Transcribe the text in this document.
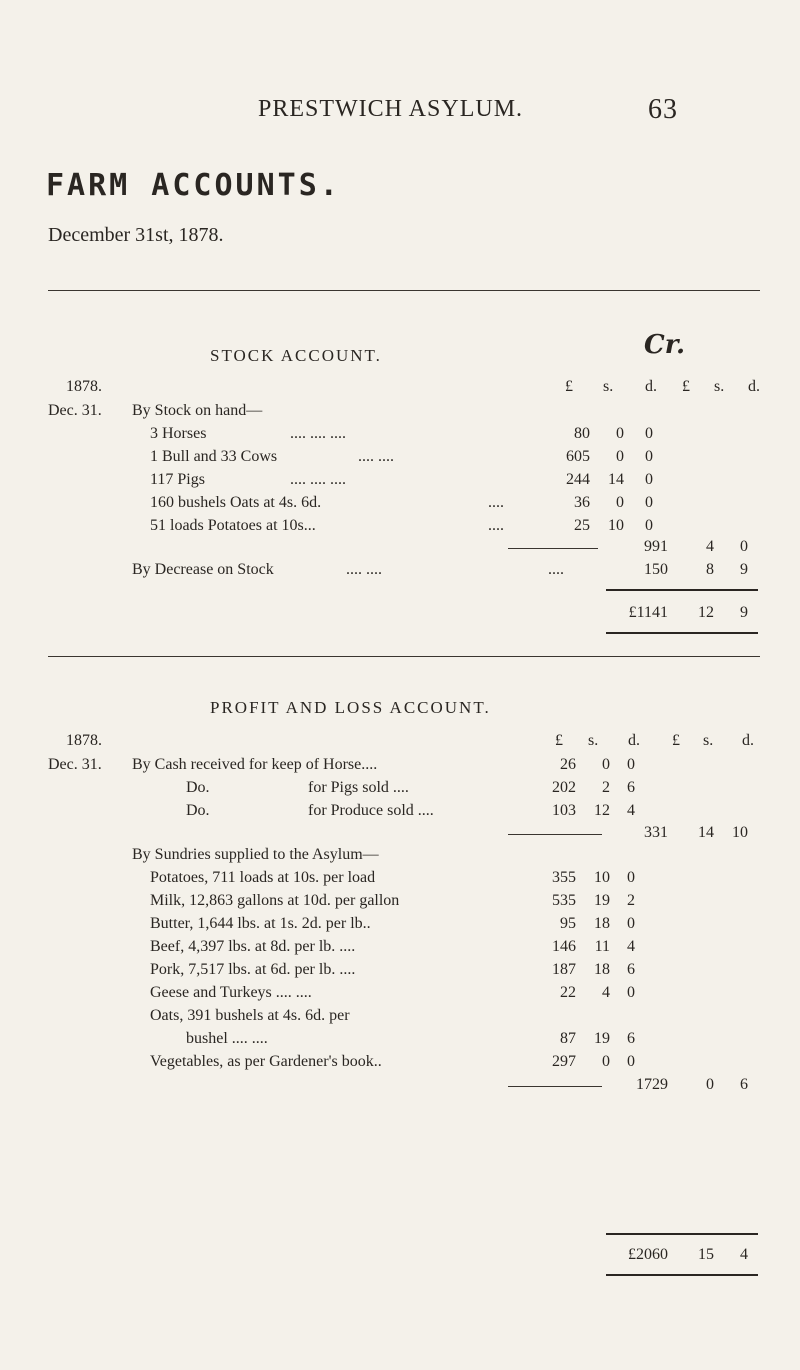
PRESTWICH ASYLUM.	63
FARM ACCOUNTS.
December 31st, 1878.
STOCK ACCOUNT.	Cr.
1878.
Dec. 31.
£ s. d. £ s. d.
By Stock on hand—
3 Horses	.... .... ....	80 0 0
1 Bull and 33 Cows	.... ....	605 0 0
117 Pigs	.... .... ....	244 14 0
160 bushels Oats at 4s. 6d.	....	36 0 0
51 loads Potatoes at 10s...	....	25 10 0
991 4 0
By Decrease on Stock	.... ....	....	150 8 9
£1141 12 9
PROFIT AND LOSS ACCOUNT.
1878.
Dec. 31.
£ s. d. £ s. d.
By Cash received for keep of Horse....	26 0 0
Do.	for Pigs sold ....	202 2 6
Do.	for Produce sold ....	103 12 4
331 14 10
By Sundries supplied to the Asylum—
Potatoes, 711 loads at 10s. per load	355 10 0
Milk, 12,863 gallons at 10d. per gallon	535 19 2
Butter, 1,644 lbs. at 1s. 2d. per lb..	95 18 0
Beef, 4,397 lbs. at 8d. per lb. ....	146 11 4
Pork, 7,517 lbs. at 6d. per lb. ....	187 18 6
Geese and Turkeys .... ....	22 4 0
Oats, 391 bushels at 4s. 6d. per
bushel .... ....	87 19 6
Vegetables, as per Gardener's book..	297 0 0
1729 0 6
£2060 15 4
